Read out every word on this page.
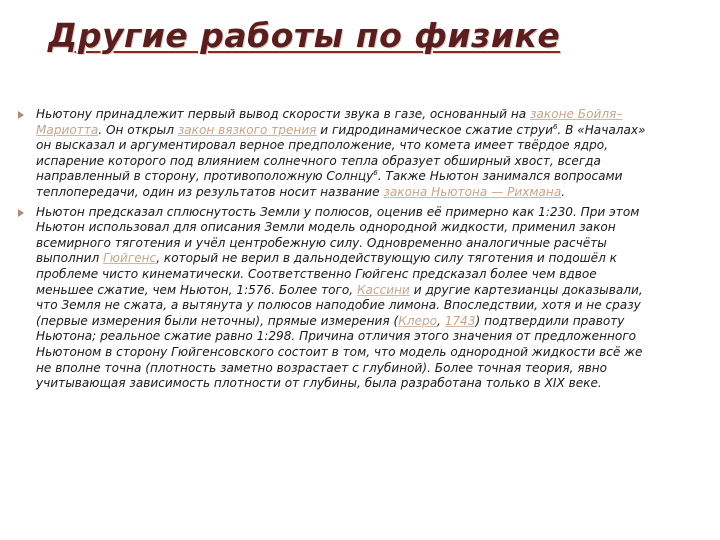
Другие работы по физике
Ньютону принадлежит первый вывод скорости звука в газе, основанный на законе Бойля–Мариотта. Он открыл закон вязкого трения и гидродинамическое сжатие струи$^6$. В «Началах» он высказал и аргументировал верное предположение, что комета имеет твёрдое ядро, испарение которого под влиянием солнечного тепла образует обширный хвост, всегда направленный в сторону, противоположную Солнцу$^6$. Также Ньютон занимался вопросами теплопередачи, один из результатов носит название закона Ньютона — Рихмана.
Ньютон предсказал сплюснутость Земли у полюсов, оценив её примерно как 1:230. При этом Ньютон использовал для описания Земли модель однородной жидкости, применил закон всемирного тяготения и учёл центробежную силу. Одновременно аналогичные расчёты выполнил Гюйгенс, который не верил в дальнодействующую силу тяготения и подошёл к проблеме чисто кинематически. Соответственно Гюйгенс предсказал более чем вдвое меньшее сжатие, чем Ньютон, 1:576. Более того, Кассини и другие картезианцы доказывали, что Земля не сжата, а вытянута у полюсов наподобие лимона. Впоследствии, хотя и не сразу (первые измерения были неточны), прямые измерения (Клеро, 1743) подтвердили правоту Ньютона; реальное сжатие равно 1:298. Причина отличия этого значения от предложенного Ньютоном в сторону Гюйгенсовского состоит в том, что модель однородной жидкости всё же не вполне точна (плотность заметно возрастает с глубиной). Более точная теория, явно учитывающая зависимость плотности от глубины, была разработана только в XIX веке.
